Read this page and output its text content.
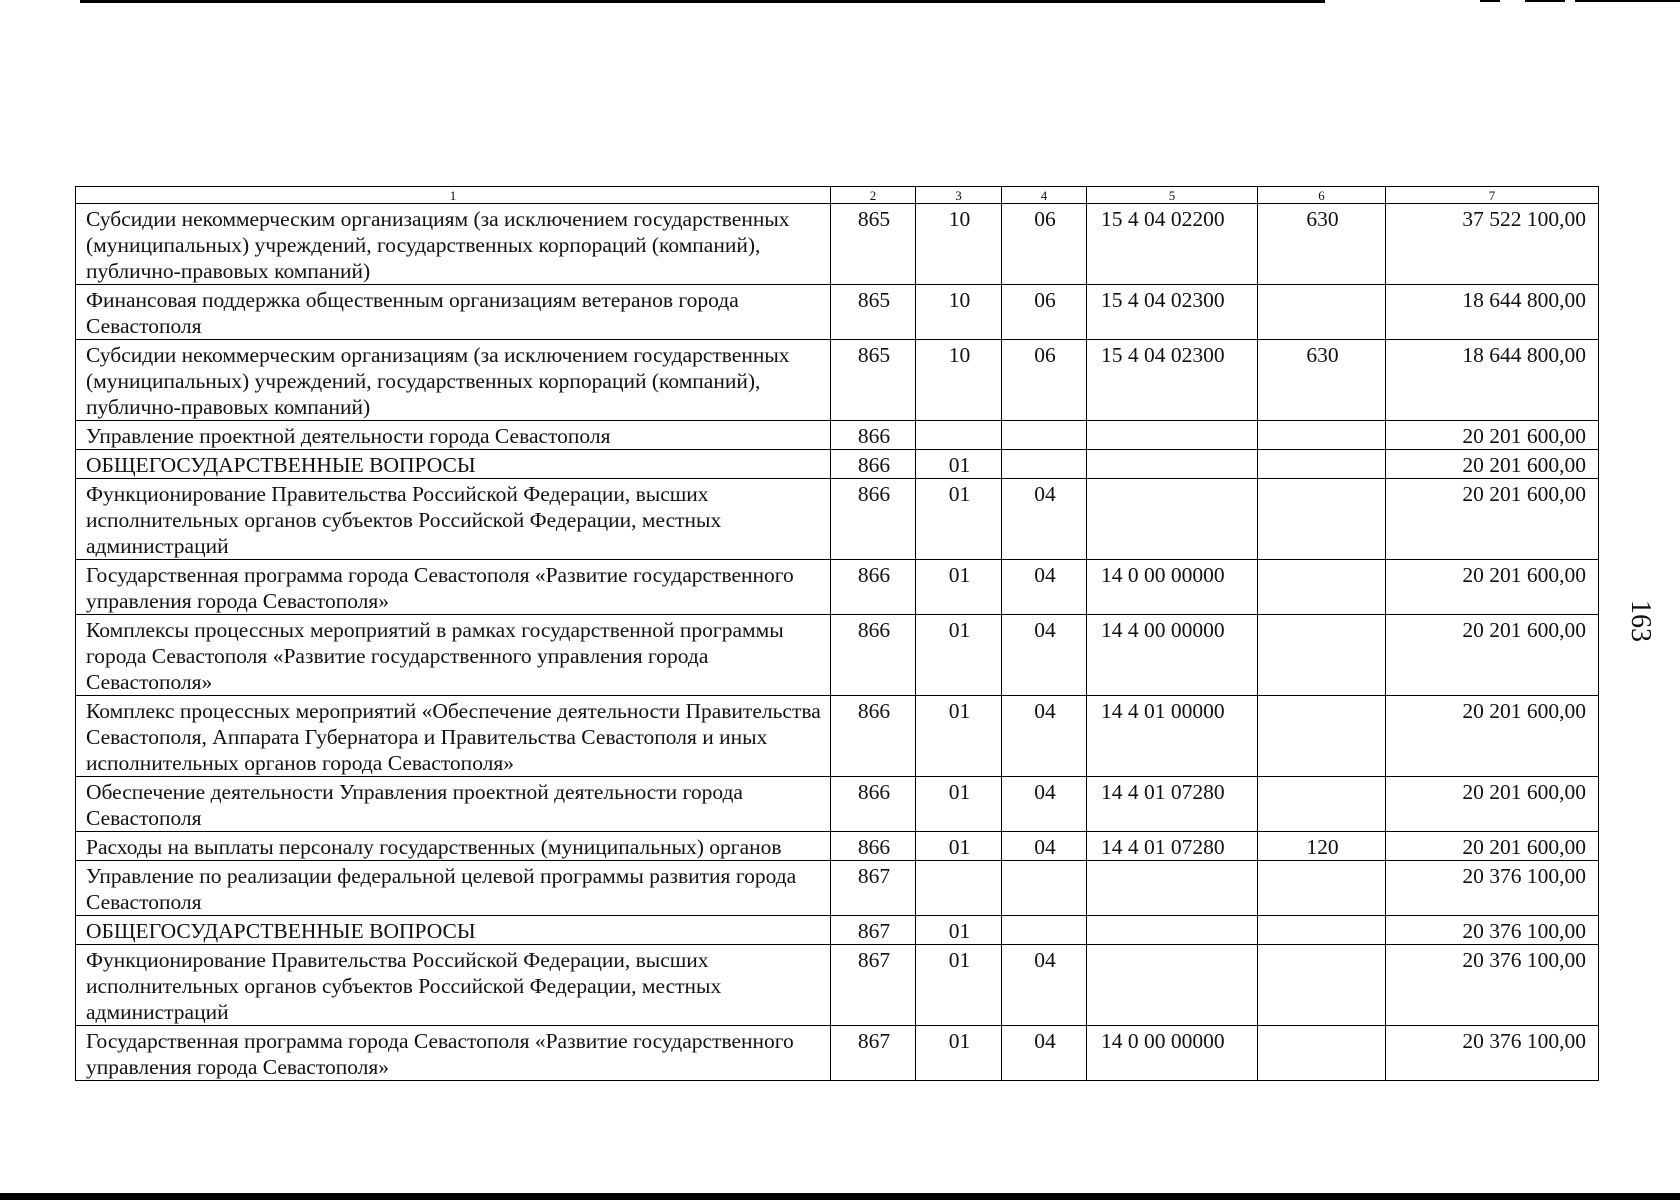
1	2	3	4	5	6	7
Субсидии некоммерческим организациям (за исключением государственных (муниципальных) учреждений, государственных корпораций (компаний), публично-правовых компаний)	865	10	06	15 4 04 02200	630	37 522 100,00
Финансовая поддержка общественным организациям ветеранов города Севастополя	865	10	06	15 4 04 02300		18 644 800,00
Субсидии некоммерческим организациям (за исключением государственных (муниципальных) учреждений, государственных корпораций (компаний), публично-правовых компаний)	865	10	06	15 4 04 02300	630	18 644 800,00
Управление проектной деятельности города Севастополя	866					20 201 600,00
ОБЩЕГОСУДАРСТВЕННЫЕ ВОПРОСЫ	866	01				20 201 600,00
Функционирование Правительства Российской Федерации, высших исполнительных органов субъектов Российской Федерации, местных администраций	866	01	04			20 201 600,00
Государственная программа города Севастополя «Развитие государственного управления города Севастополя»	866	01	04	14 0 00 00000		20 201 600,00
Комплексы процессных мероприятий в рамках государственной программы города Севастополя «Развитие государственного управления города Севастополя»	866	01	04	14 4 00 00000		20 201 600,00
Комплекс процессных мероприятий «Обеспечение деятельности Правительства Севастополя, Аппарата Губернатора и Правительства Севастополя и иных исполнительных органов города Севастополя»	866	01	04	14 4 01 00000		20 201 600,00
Обеспечение деятельности Управления проектной деятельности города Севастополя	866	01	04	14 4 01 07280		20 201 600,00
Расходы на выплаты персоналу государственных (муниципальных) органов	866	01	04	14 4 01 07280	120	20 201 600,00
Управление по реализации федеральной целевой программы развития города Севастополя	867					20 376 100,00
ОБЩЕГОСУДАРСТВЕННЫЕ ВОПРОСЫ	867	01				20 376 100,00
Функционирование Правительства Российской Федерации, высших исполнительных органов субъектов Российской Федерации, местных администраций	867	01	04			20 376 100,00
Государственная программа города Севастополя «Развитие государственного управления города Севастополя»	867	01	04	14 0 00 00000		20 376 100,00
163
